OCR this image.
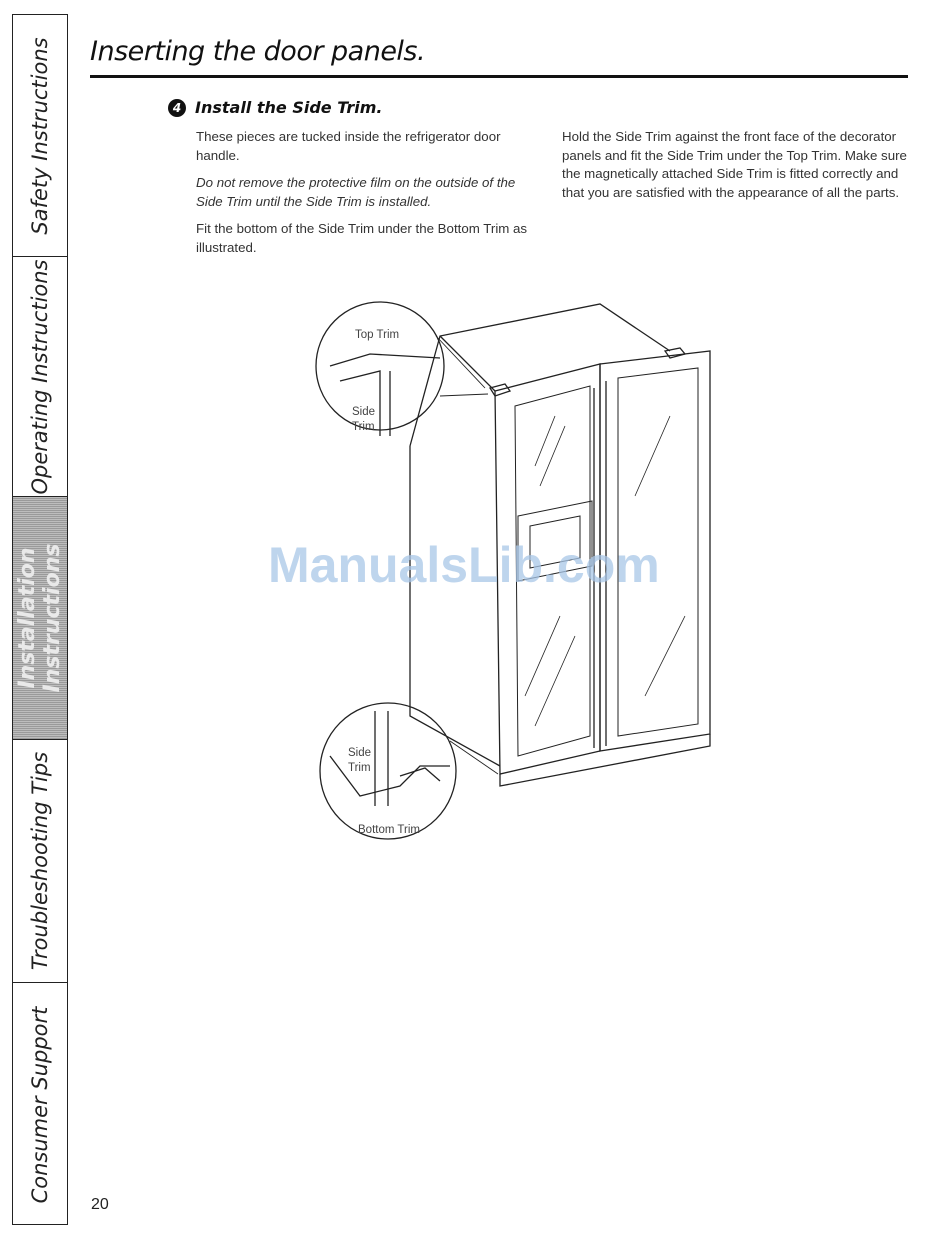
Safety Instructions
Operating Instructions
Installation Instructions
Troubleshooting Tips
Consumer Support
Inserting the door panels.
4 Install the Side Trim.

These pieces are tucked inside the refrigerator door handle.

Do not remove the protective film on the outside of the Side Trim until the Side Trim is installed.

Fit the bottom of the Side Trim under the Bottom Trim as illustrated.

Hold the Side Trim against the front face of the decorator panels and fit the Side Trim under the Top Trim. Make sure the magnetically attached Side Trim is fitted correctly and that you are satisfied with the appearance of all the parts.

Top Trim
Side
Trim
Side
Trim
Bottom Trim
ManualsLib.com
20
